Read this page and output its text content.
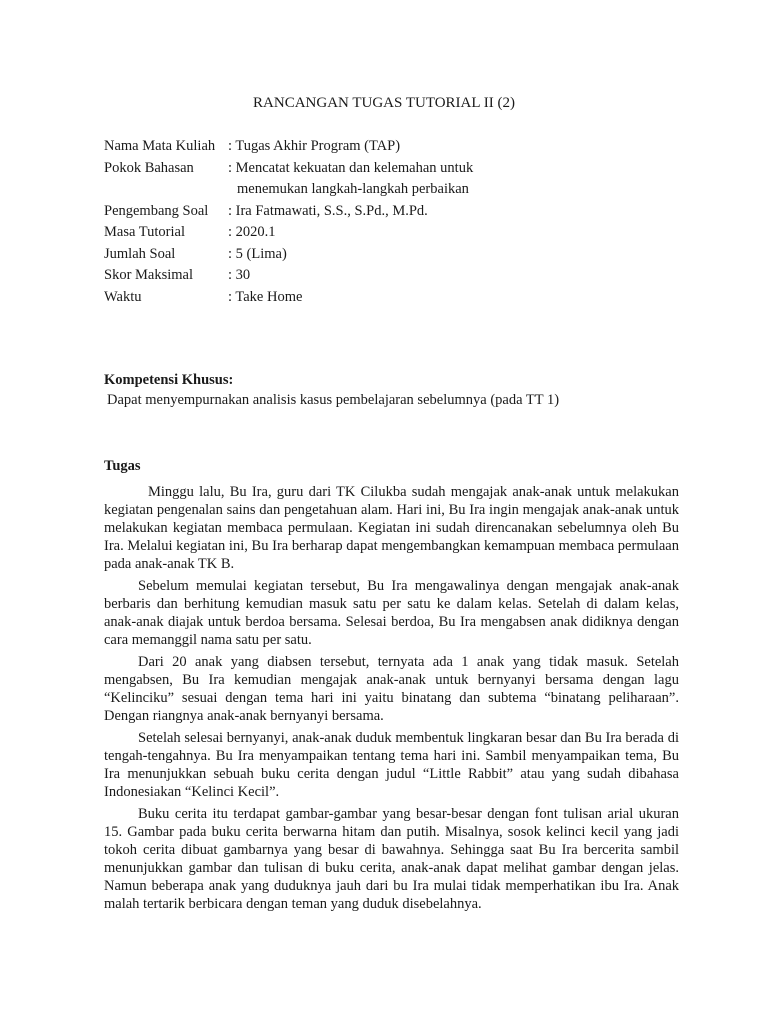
RANCANGAN TUGAS TUTORIAL II (2)
Nama Mata Kuliah	: Tugas Akhir Program (TAP)
Pokok Bahasan	: Mencatat kekuatan dan kelemahan untuk
menemukan langkah-langkah perbaikan

Pengembang Soal	: Ira Fatmawati, S.S., S.Pd., M.Pd.
Masa Tutorial	: 2020.1
Jumlah Soal	: 5 (Lima)
Skor Maksimal	: 30
Waktu	: Take Home
Kompetensi Khusus:
Dapat menyempurnakan analisis kasus pembelajaran sebelumnya (pada TT 1)
Tugas

Minggu lalu, Bu Ira, guru dari TK Cilukba sudah mengajak anak-anak untuk melakukan kegiatan pengenalan sains dan pengetahuan alam. Hari ini, Bu Ira ingin mengajak anak-anak untuk melakukan kegiatan membaca permulaan. Kegiatan ini sudah direncanakan sebelumnya oleh Bu Ira. Melalui kegiatan ini, Bu Ira berharap dapat mengembangkan kemampuan membaca permulaan pada anak-anak TK B.

Sebelum memulai kegiatan tersebut, Bu Ira mengawalinya dengan mengajak anak-anak berbaris dan berhitung kemudian masuk satu per satu ke dalam kelas. Setelah di dalam kelas, anak-anak diajak untuk berdoa bersama. Selesai berdoa, Bu Ira mengabsen anak didiknya dengan cara memanggil nama satu per satu.

Dari 20 anak yang diabsen tersebut, ternyata ada 1 anak yang tidak masuk. Setelah mengabsen, Bu Ira kemudian mengajak anak-anak untuk bernyanyi bersama dengan lagu “Kelinciku” sesuai dengan tema hari ini yaitu binatang dan subtema “binatang peliharaan”. Dengan riangnya anak-anak bernyanyi bersama.

Setelah selesai bernyanyi, anak-anak duduk membentuk lingkaran besar dan Bu Ira berada di tengah-tengahnya. Bu Ira menyampaikan tentang tema hari ini. Sambil menyampaikan tema, Bu Ira menunjukkan sebuah buku cerita dengan judul “Little Rabbit” atau yang sudah dibahasa Indonesiakan “Kelinci Kecil”.

Buku cerita itu terdapat gambar-gambar yang besar-besar dengan font tulisan arial ukuran 15. Gambar pada buku cerita berwarna hitam dan putih. Misalnya, sosok kelinci kecil yang jadi tokoh cerita dibuat gambarnya yang besar di bawahnya. Sehingga saat Bu Ira bercerita sambil menunjukkan gambar dan tulisan di buku cerita, anak-anak dapat melihat gambar dengan jelas. Namun beberapa anak yang duduknya jauh dari bu Ira mulai tidak memperhatikan ibu Ira. Anak malah tertarik berbicara dengan teman yang duduk disebelahnya.
